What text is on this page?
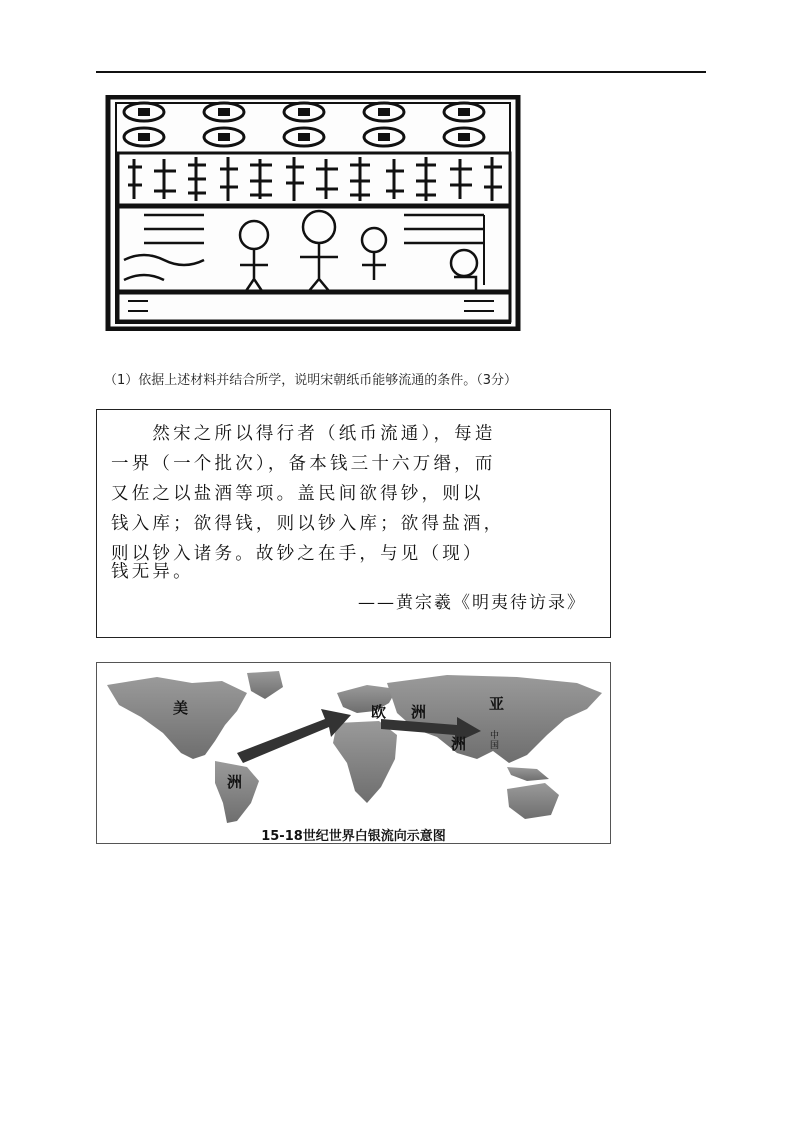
（1）依据上述材料并结合所学，说明宋朝纸币能够流通的条件。（3分）
　　然宋之所以得行者（纸币流通），每造
一界（一个批次），备本钱三十六万缗，而
又佐之以盐酒等项。盖民间欲得钞，则以
钱入库；欲得钱，则以钞入库；欲得盐酒，
则以钞入诸务。故钞之在手，与见（现）
钱无异。
——黄宗羲《明夷待访录》
美
洲
欧 洲	亚
洲	中国
15-18世纪世界白银流向示意图
